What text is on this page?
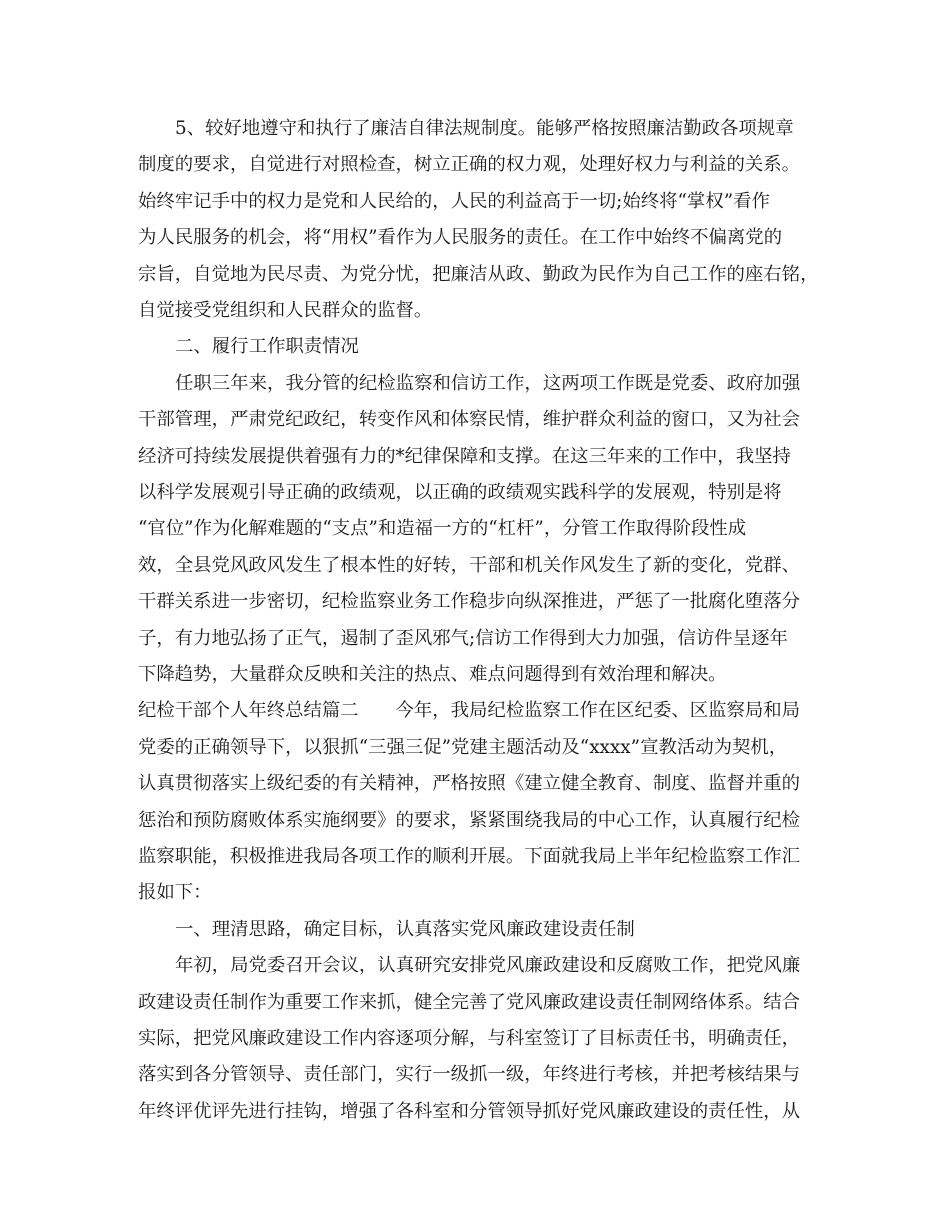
5、较好地遵守和执行了廉洁自律法规制度。能够严格按照廉洁勤政各项规章
制度的要求，自觉进行对照检查，树立正确的权力观，处理好权力与利益的关系。
始终牢记手中的权力是党和人民给的，人民的利益高于一切;始终将“掌权”看作
为人民服务的机会，将“用权”看作为人民服务的责任。在工作中始终不偏离党的
宗旨，自觉地为民尽责、为党分忧，把廉洁从政、勤政为民作为自己工作的座右铭，
自觉接受党组织和人民群众的监督。
二、履行工作职责情况
任职三年来，我分管的纪检监察和信访工作，这两项工作既是党委、政府加强
干部管理，严肃党纪政纪，转变作风和体察民情，维护群众利益的窗口，又为社会
经济可持续发展提供着强有力的*纪律保障和支撑。在这三年来的工作中，我坚持
以科学发展观引导正确的政绩观，以正确的政绩观实践科学的发展观，特别是将
“官位”作为化解难题的“支点”和造福一方的“杠杆”，分管工作取得阶段性成
效，全县党风政风发生了根本性的好转，干部和机关作风发生了新的变化，党群、
干群关系进一步密切，纪检监察业务工作稳步向纵深推进，严惩了一批腐化堕落分
子，有力地弘扬了正气，遏制了歪风邪气;信访工作得到大力加强，信访件呈逐年
下降趋势，大量群众反映和关注的热点、难点问题得到有效治理和解决。
纪检干部个人年终总结篇二　　今年，我局纪检监察工作在区纪委、区监察局和局
党委的正确领导下，以狠抓“三强三促”党建主题活动及“xxxx”宣教活动为契机，
认真贯彻落实上级纪委的有关精神，严格按照《建立健全教育、制度、监督并重的
惩治和预防腐败体系实施纲要》的要求，紧紧围绕我局的中心工作，认真履行纪检
监察职能，积极推进我局各项工作的顺利开展。下面就我局上半年纪检监察工作汇
报如下：
一、理清思路，确定目标，认真落实党风廉政建设责任制
年初，局党委召开会议，认真研究安排党风廉政建设和反腐败工作，把党风廉
政建设责任制作为重要工作来抓，健全完善了党风廉政建设责任制网络体系。结合
实际，把党风廉政建设工作内容逐项分解，与科室签订了目标责任书，明确责任，
落实到各分管领导、责任部门，实行一级抓一级，年终进行考核，并把考核结果与
年终评优评先进行挂钩，增强了各科室和分管领导抓好党风廉政建设的责任性，从
